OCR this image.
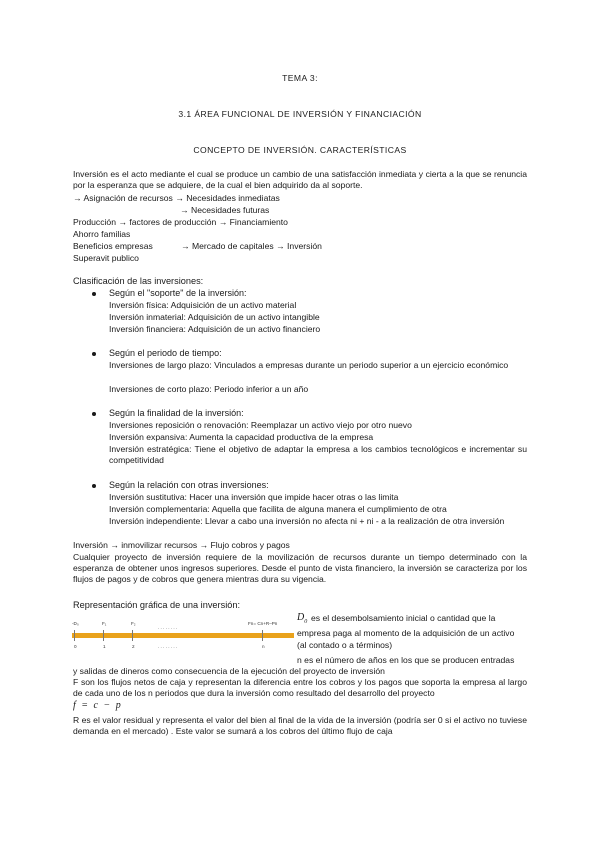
TEMA 3:
3.1 ÁREA FUNCIONAL DE INVERSIÓN Y FINANCIACIÓN
CONCEPTO DE INVERSIÓN. CARACTERÍSTICAS
Inversión es el acto mediante el cual se produce un cambio de una satisfacción inmediata y cierta a la que se renuncia por la esperanza que se adquiere, de la cual el bien adquirido da al soporte.
→ Asignación de recursos → Necesidades inmediatas
→ Necesidades futuras
Producción → factores de producción → Financiamiento
Ahorro familias
Beneficios empresas	→ Mercado de capitales → Inversión
Superavit publico
Clasificación de las inversiones:
Según el "soporte" de la inversión:
Inversión física: Adquisición de un activo material
Inversión inmaterial: Adquisición de un activo intangible
Inversión financiera: Adquisición de un activo financiero
Según el periodo de tiempo:
Inversiones de largo plazo: Vinculados a empresas durante un periodo superior a un ejercicio económico
Inversiones de corto plazo: Periodo inferior a un año
Según la finalidad de la inversión:
Inversiones reposición o renovación: Reemplazar un activo viejo por otro nuevo
Inversión expansiva: Aumenta la capacidad productiva de la empresa
Inversión estratégica: Tiene el objetivo de adaptar la empresa a los cambios tecnológicos e incrementar su competitividad
Según la relación con otras inversiones:
Inversión sustitutiva: Hacer una inversión que impide hacer otras o las limita
Inversión complementaria: Aquella que facilita de alguna manera el cumplimiento de otra
Inversión independiente: Llevar a cabo una inversión no afecta ni + ni - a la realización de otra inversión
Inversión → inmovilizar recursos → Flujo cobros y pagos
Cualquier proyecto de inversión requiere de la movilización de recursos durante un tiempo determinado con la esperanza de obtener unos ingresos superiores. Desde el punto de vista financiero, la inversión se caracteriza por los flujos de pagos y de cobros que genera mientras dura su vigencia.
Representación gráfica de una inversión:
-D₀	F₁	F₂
. . . . . . . .
Fn= Cn+R–Pn
0	1	2	. . . . . . . .	n
$D_0$ es el desembolsamiento inicial o cantidad que la
empresa paga al momento de la adquisición de un activo
(al contado o a términos)
n es el número de años en los que se producen entradas
y salidas de dineros como consecuencia de la ejecución del proyecto de inversión
F son los flujos netos de caja y representan la diferencia entre los cobros y los pagos que soporta la empresa al largo de cada uno de los n periodos que dura la inversión como resultado del desarrollo del proyecto
f = c − p
R es el valor residual y representa el valor del bien al final de la vida de la inversión (podría ser 0 si el activo no tuviese demanda en el mercado) . Este valor se sumará a los cobros del último flujo de caja
